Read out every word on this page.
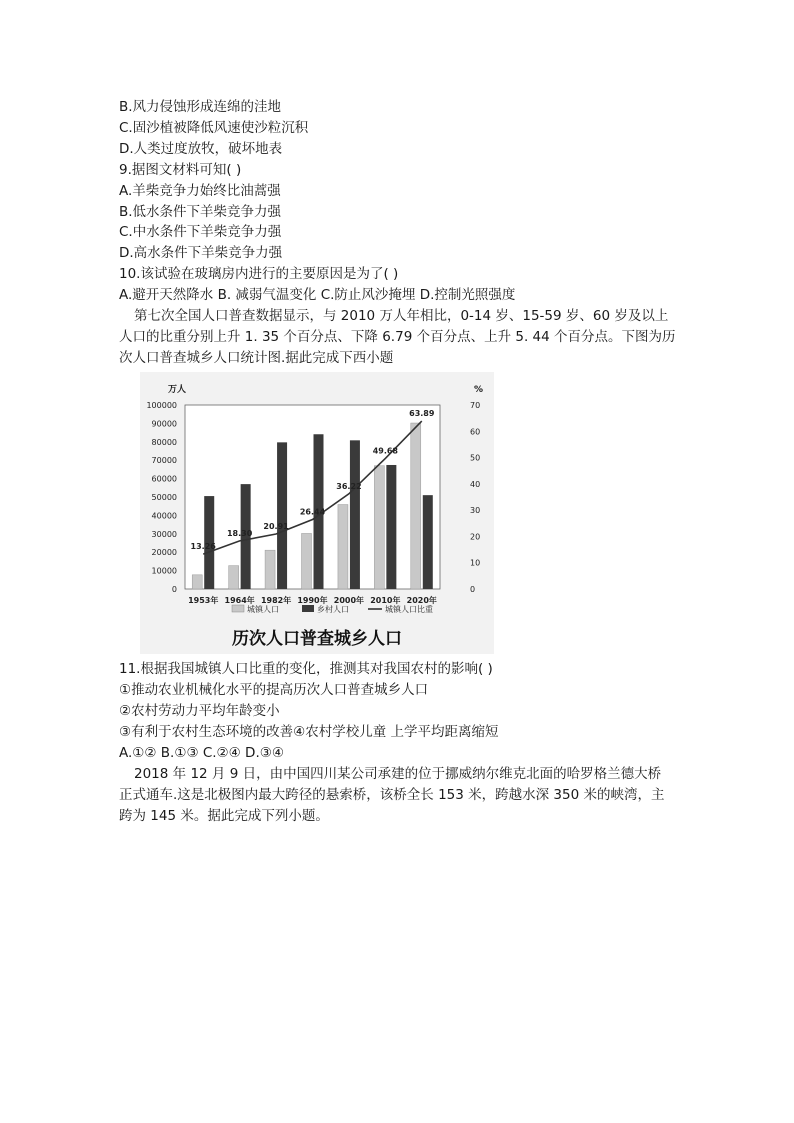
B.风力侵蚀形成连绵的洼地
C.固沙植被降低风速使沙粒沉积
D.人类过度放牧，破坏地表
9.据图文材料可知( )
A.羊柴竞争力始终比油蒿强
B.低水条件下羊柴竞争力强
C.中水条件下羊柴竞争力强
D.高水条件下羊柴竞争力强
10.该试验在玻璃房内进行的主要原因是为了( )
A.避开天然降水 B. 减弱气温变化 C.防止风沙掩埋 D.控制光照强度
第七次全国人口普查数据显示，与 2010 万人年相比，0-14 岁、15-59 岁、60 岁及以上
人口的比重分别上升 1. 35 个百分点、下降 6.79 个百分点、上升 5. 44 个百分点。下图为历
次人口普查城乡人口统计图.据此完成下西小题
万人	%
100000
90000
80000
70000
60000
50000
40000
30000
20000
10000
0
70
60
50
40
30
20
10
0
1953年 1964年 1982年 1990年 2000年 2010年 2020年
13.26
18.30
20.91
26.44
36.22
49.68
63.89
城镇人口	乡村人口	城镇人口比重
历次人口普查城乡人口
11.根据我国城镇人口比重的变化，推测其对我国农村的影响( )
①推动农业机械化水平的提高历次人口普查城乡人口
②农村劳动力平均年龄变小
③有利于农村生态环境的改善④农村学校儿童 上学平均距离缩短
A.①② B.①③ C.②④ D.③④
2018 年 12 月 9 日，由中国四川某公司承建的位于挪威纳尔维克北面的哈罗格兰德大桥
正式通车.这是北极图内最大跨径的悬索桥，该桥全长 153 米，跨越水深 350 米的峡湾，主
跨为 145 米。据此完成下列小题。
